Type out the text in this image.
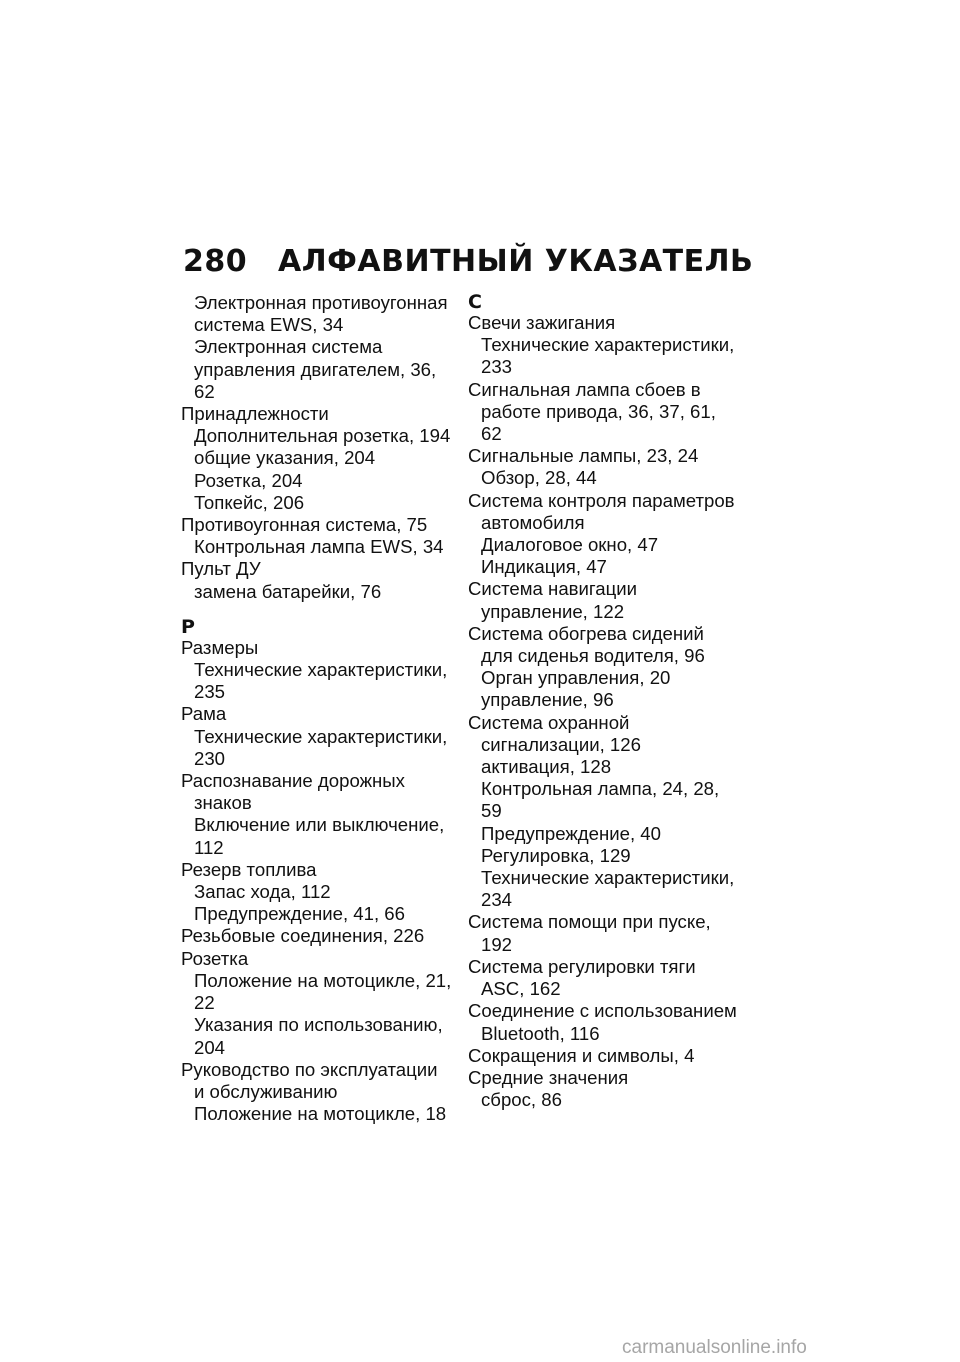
280 АЛФАВИТНЫЙ УКАЗАТЕЛЬ
Электронная противоугонная система EWS, 34
Электронная система управления двигателем, 36, 62
Принадлежности
Дополнительная розетка, 194
общие указания, 204
Розетка, 204
Топкейс, 206
Противоугонная система, 75
Контрольная лампа EWS, 34
Пульт ДУ
замена батарейки, 76
Р
Размеры
Технические характеристики, 235
Рама
Технические характеристики, 230
Распознавание дорожных знаков
Включение или выключение, 112
Резерв топлива
Запас хода, 112
Предупреждение, 41, 66
Резьбовые соединения, 226
Розетка
Положение на мотоцикле, 21, 22
Указания по использованию, 204
Руководство по эксплуатации и обслуживанию
Положение на мотоцикле, 18
С
Свечи зажигания
Технические характеристики, 233
Сигнальная лампа сбоев в работе привода, 36, 37, 61, 62
Сигнальные лампы, 23, 24
Обзор, 28, 44
Система контроля параметров автомобиля
Диалоговое окно, 47
Индикация, 47
Система навигации управление, 122
Система обогрева сидений для сиденья водителя, 96
Орган управления, 20
управление, 96
Система охранной сигнализации, 126
активация, 128
Контрольная лампа, 24, 28, 59
Предупреждение, 40
Регулировка, 129
Технические характеристики, 234
Система помощи при пуске, 192
Система регулировки тяги ASC, 162
Соединение с использованием Bluetooth, 116
Сокращения и символы, 4
Средние значения
сброс, 86
carmanualsonline.info
